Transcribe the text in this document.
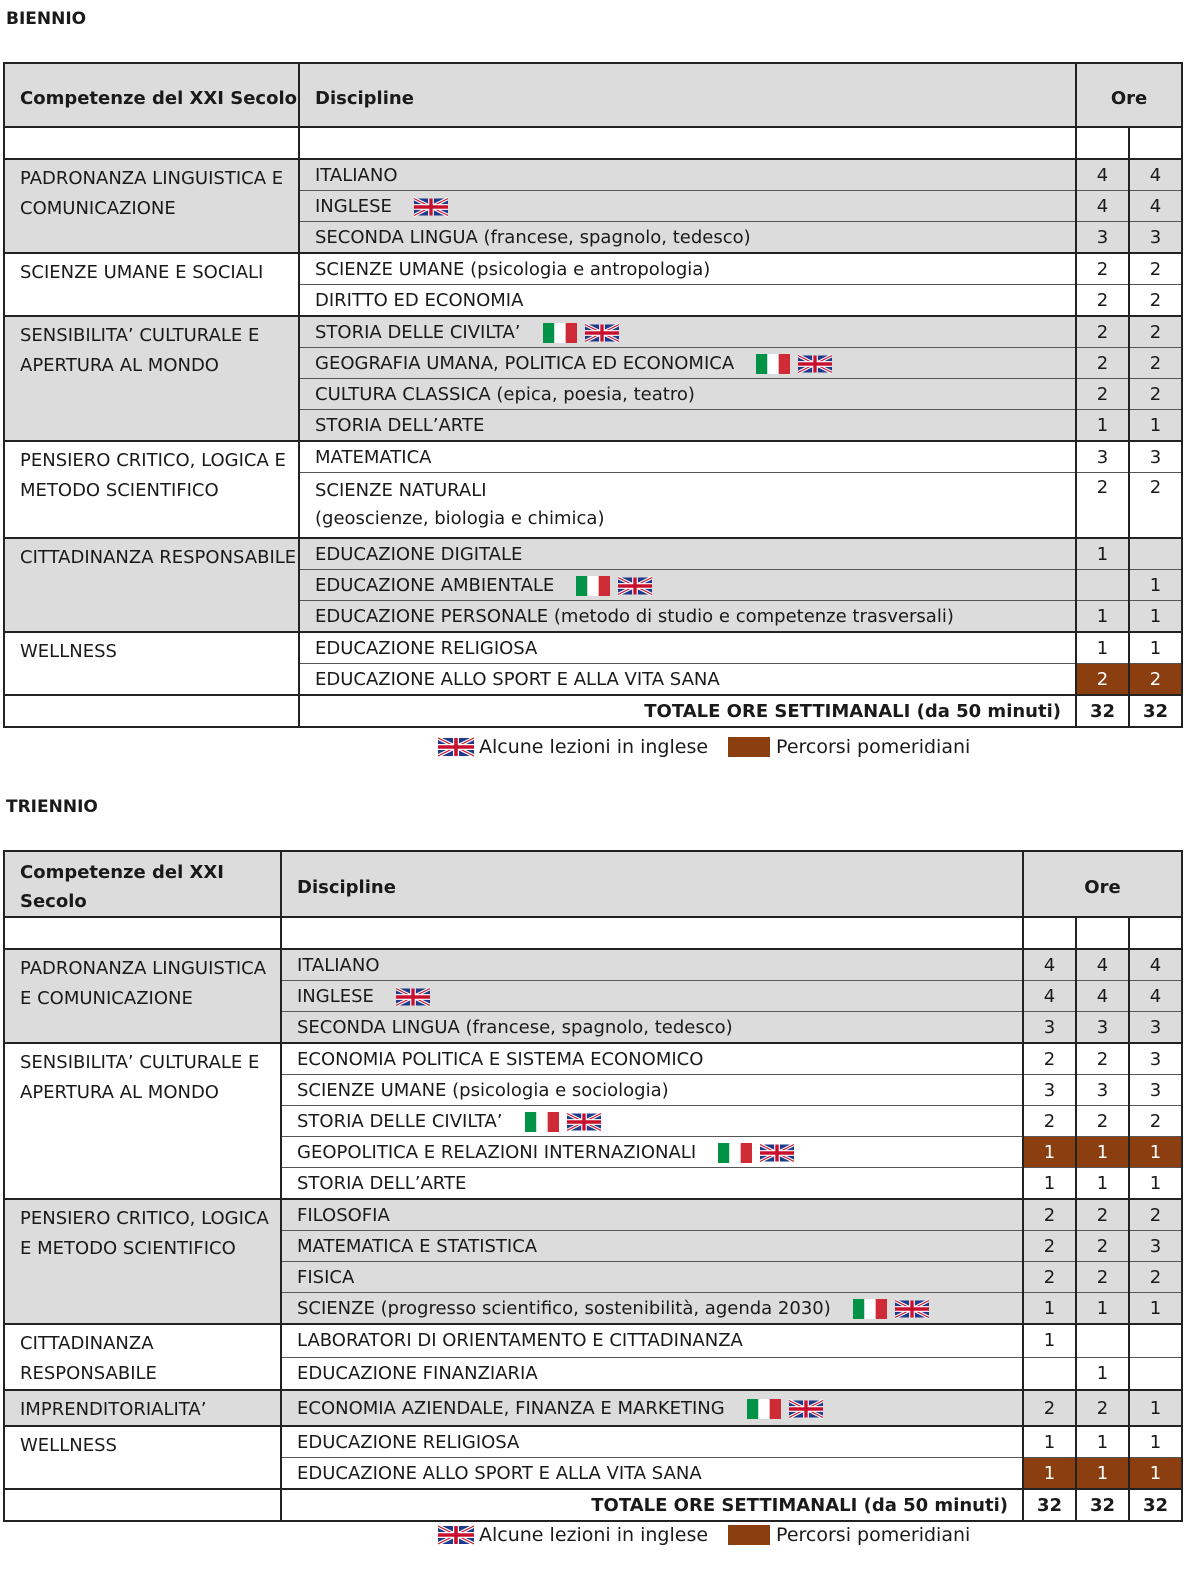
BIENNIO
Competenze del XXI Secolo	Discipline	Ore	

PADRONANZA LINGUISTICA E COMUNICAZIONE	ITALIANO	4	4
	INGLESE	4	4
	SECONDA LINGUA (francese, spagnolo, tedesco)	3	3
SCIENZE UMANE E SOCIALI	SCIENZE UMANE (psicologia e antropologia)	2	2
	DIRITTO ED ECONOMIA	2	2
SENSIBILITA’ CULTURALE E APERTURA AL MONDO	STORIA DELLE CIVILTA’	2	2
	GEOGRAFIA UMANA, POLITICA ED ECONOMICA	2	2
	CULTURA CLASSICA (epica, poesia, teatro)	2	2
	STORIA DELL’ARTE	1	1
PENSIERO CRITICO, LOGICA E METODO SCIENTIFICO	MATEMATICA	3	3
	SCIENZE NATURALI
(geoscienze, biologia e chimica)	2	2
CITTADINANZA RESPONSABILE	EDUCAZIONE DIGITALE	1	
	EDUCAZIONE AMBIENTALE		1
	EDUCAZIONE PERSONALE (metodo di studio e competenze trasversali)	1	1
WELLNESS	EDUCAZIONE RELIGIOSA	1	1
	EDUCAZIONE ALLO SPORT E ALLA VITA SANA	2	2
	TOTALE ORE SETTIMANALI (da 50 minuti)	32	32
Alcune lezioni in inglese	Percorsi pomeridiani
TRIENNIO
Competenze del XXI Secolo	Discipline	Ore		

PADRONANZA LINGUISTICA E COMUNICAZIONE	ITALIANO	4	4	4
	INGLESE	4	4	4
	SECONDA LINGUA (francese, spagnolo, tedesco)	3	3	3
SENSIBILITA’ CULTURALE E APERTURA AL MONDO	ECONOMIA POLITICA E SISTEMA ECONOMICO	2	2	3
	SCIENZE UMANE (psicologia e sociologia)	3	3	3
	STORIA DELLE CIVILTA’	2	2	2
	GEOPOLITICA E RELAZIONI INTERNAZIONALI	1	1	1
	STORIA DELL’ARTE	1	1	1
PENSIERO CRITICO, LOGICA E METODO SCIENTIFICO	FILOSOFIA	2	2	2
	MATEMATICA E STATISTICA	2	2	3
	FISICA	2	2	2
	SCIENZE (progresso scientifico, sostenibilità, agenda 2030)	1	1	1
CITTADINANZA RESPONSABILE	LABORATORI DI ORIENTAMENTO E CITTADINANZA	1		
	EDUCAZIONE FINANZIARIA		1	
IMPRENDITORIALITA’	ECONOMIA AZIENDALE, FINANZA E MARKETING	2	2	1
WELLNESS	EDUCAZIONE RELIGIOSA	1	1	1
	EDUCAZIONE ALLO SPORT E ALLA VITA SANA	1	1	1
	TOTALE ORE SETTIMANALI (da 50 minuti)	32	32	32
Alcune lezioni in inglese	Percorsi pomeridiani
